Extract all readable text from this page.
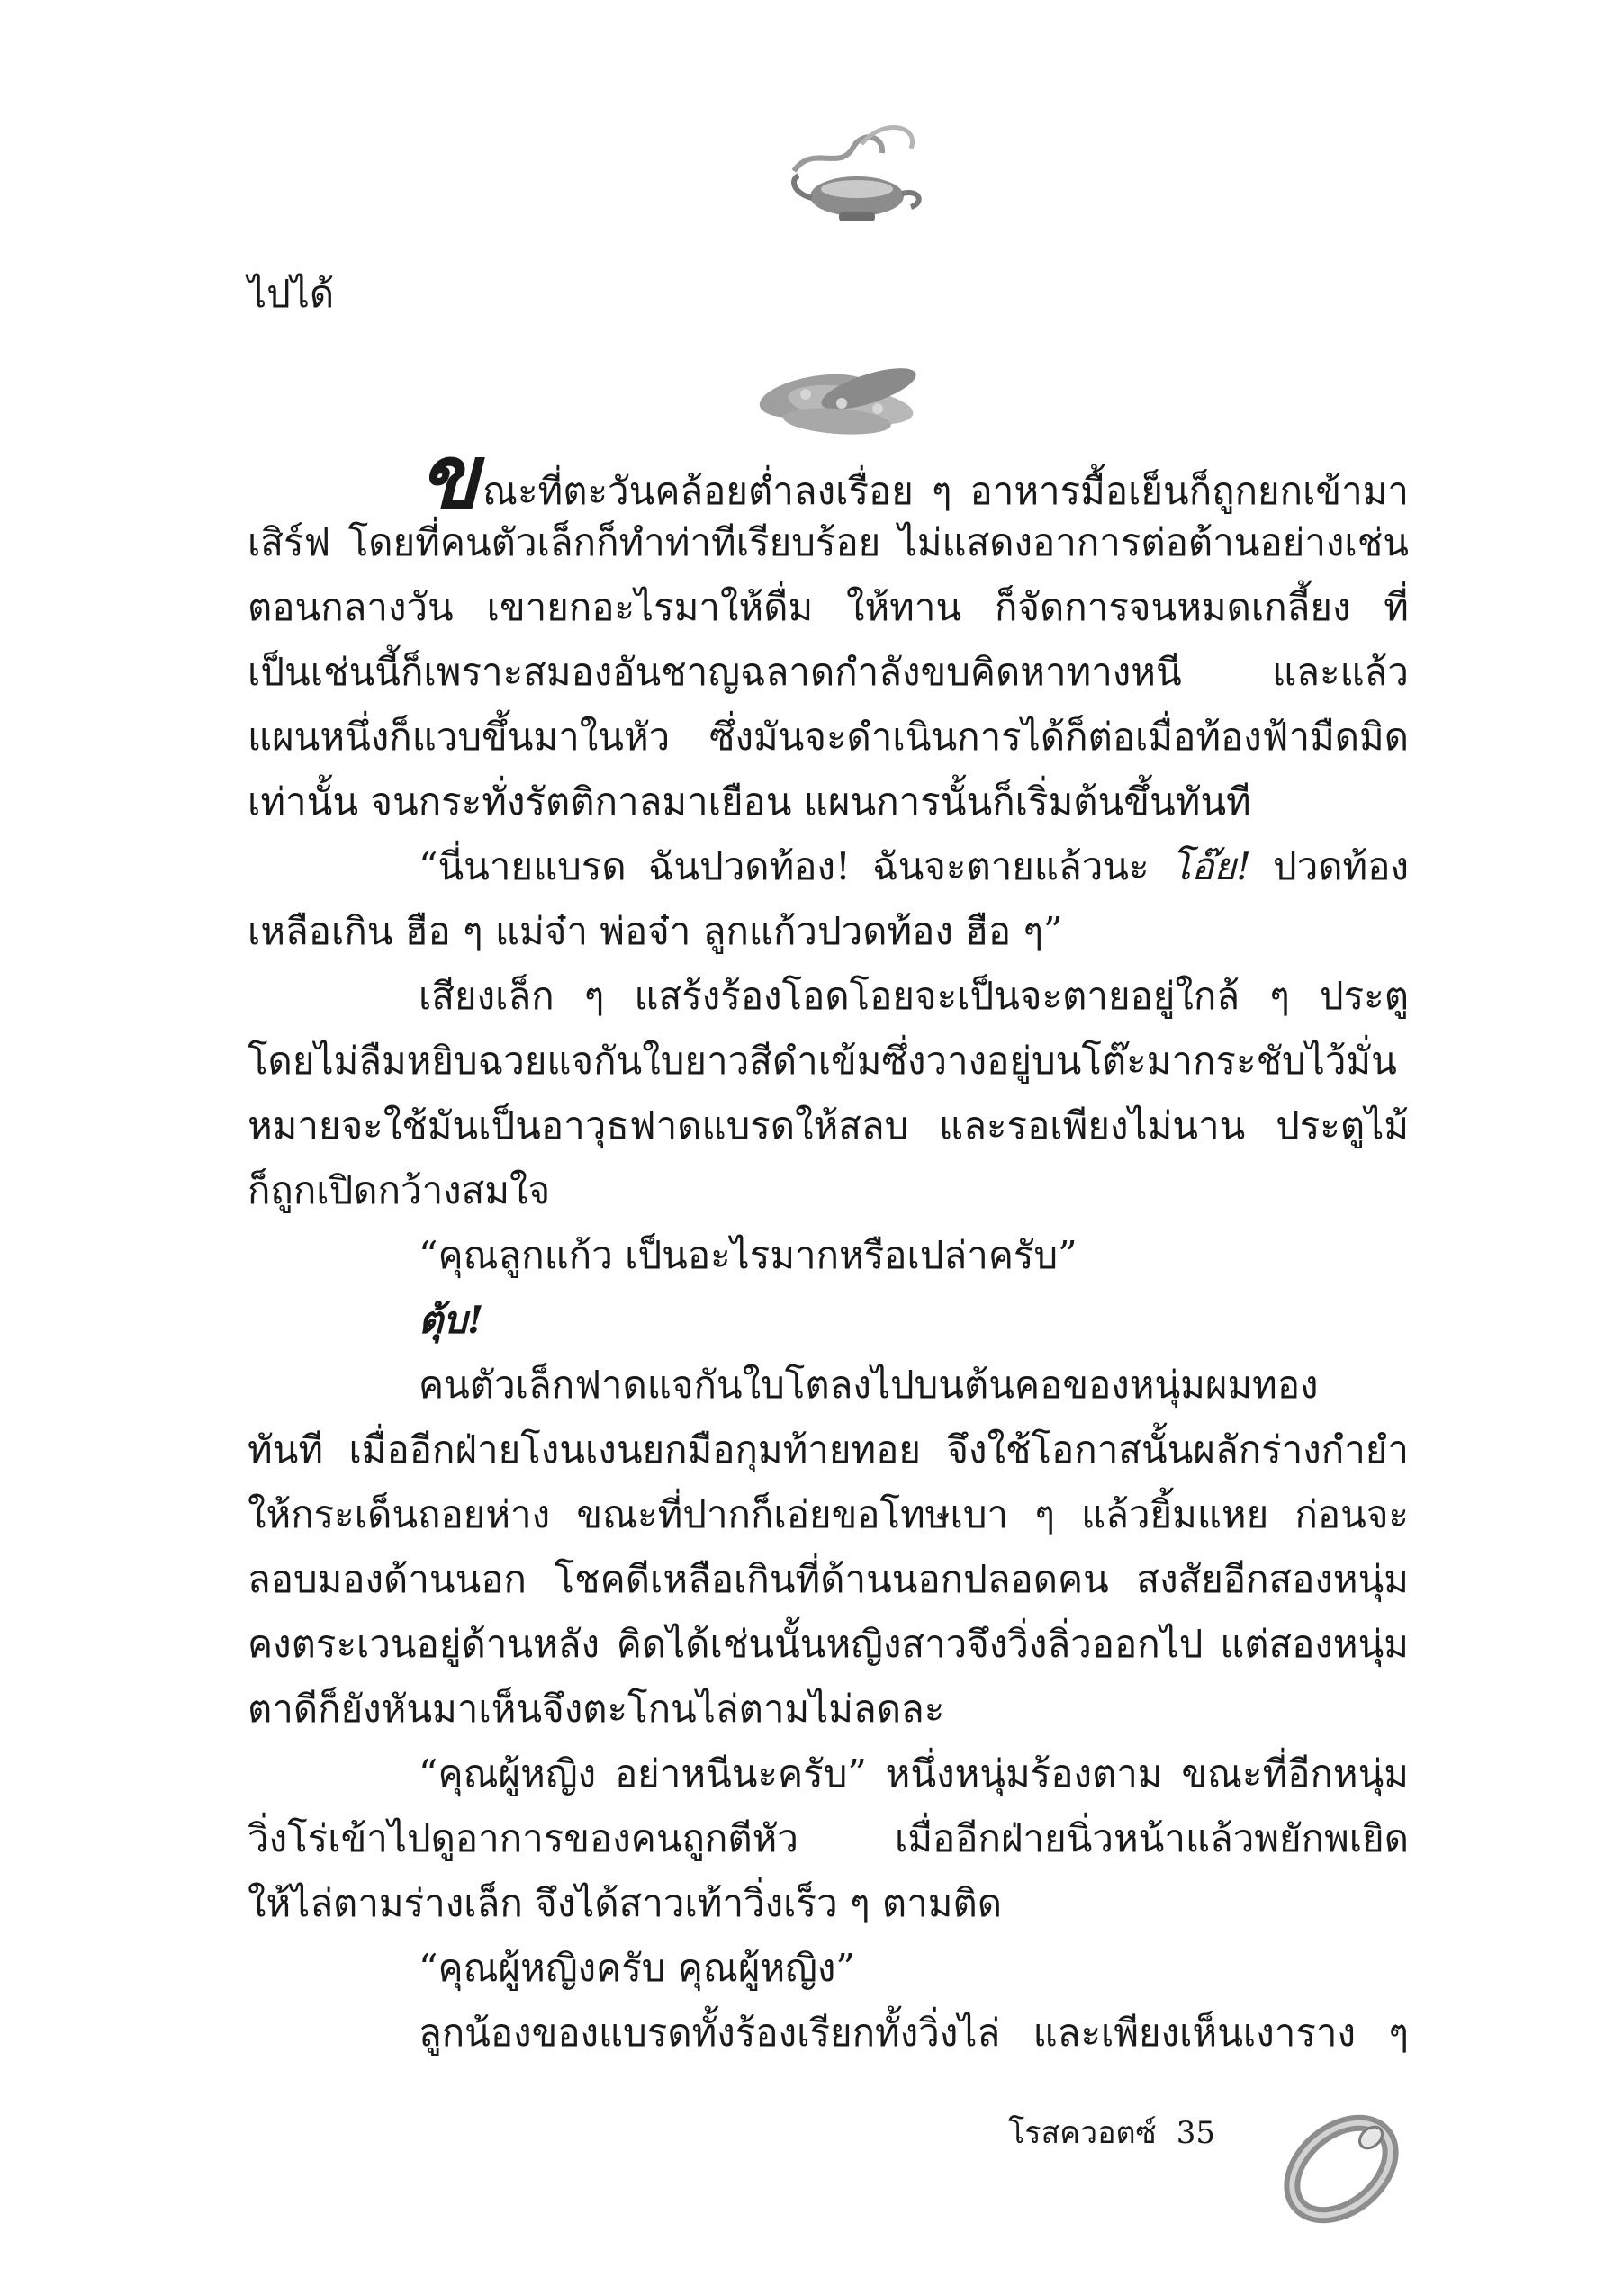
ไปได้
ขณะที่ตะวันคล้อยต่ำลงเรื่อย ๆ อาหารมื้อเย็นก็ถูกยกเข้ามา
เสิร์ฟ โดยที่คนตัวเล็กก็ทำท่าทีเรียบร้อย ไม่แสดงอาการต่อต้านอย่างเช่น
ตอนกลางวัน เขายกอะไรมาให้ดื่ม ให้ทาน ก็จัดการจนหมดเกลี้ยง ที่
เป็นเช่นนี้ก็เพราะสมองอันชาญฉลาดกำลังขบคิดหาทางหนี และแล้ว
แผนหนึ่งก็แวบขึ้นมาในหัว ซึ่งมันจะดำเนินการได้ก็ต่อเมื่อท้องฟ้ามืดมิด
เท่านั้น จนกระทั่งรัตติกาลมาเยือน แผนการนั้นก็เริ่มต้นขึ้นทันที
“นี่นายแบรด ฉันปวดท้อง! ฉันจะตายแล้วนะ โอ๊ย! ปวดท้อง
เหลือเกิน ฮือ ๆ แม่จ๋า พ่อจ๋า ลูกแก้วปวดท้อง ฮือ ๆ”
เสียงเล็ก ๆ แสร้งร้องโอดโอยจะเป็นจะตายอยู่ใกล้ ๆ ประตู
โดยไม่ลืมหยิบฉวยแจกันใบยาวสีดำเข้มซึ่งวางอยู่บนโต๊ะมากระชับไว้มั่น
หมายจะใช้มันเป็นอาวุธฟาดแบรดให้สลบ และรอเพียงไม่นาน ประตูไม้
ก็ถูกเปิดกว้างสมใจ
“คุณลูกแก้ว เป็นอะไรมากหรือเปล่าครับ”
ตุ้บ!
คนตัวเล็กฟาดแจกันใบโตลงไปบนต้นคอของหนุ่มผมทอง
ทันที เมื่ออีกฝ่ายโงนเงนยกมือกุมท้ายทอย จึงใช้โอกาสนั้นผลักร่างกำยำ
ให้กระเด็นถอยห่าง ขณะที่ปากก็เอ่ยขอโทษเบา ๆ แล้วยิ้มแหย ก่อนจะ
ลอบมองด้านนอก โชคดีเหลือเกินที่ด้านนอกปลอดคน สงสัยอีกสองหนุ่ม
คงตระเวนอยู่ด้านหลัง คิดได้เช่นนั้นหญิงสาวจึงวิ่งลิ่วออกไป แต่สองหนุ่ม
ตาดีก็ยังหันมาเห็นจึงตะโกนไล่ตามไม่ลดละ
“คุณผู้หญิง อย่าหนีนะครับ” หนึ่งหนุ่มร้องตาม ขณะที่อีกหนุ่ม
วิ่งโร่เข้าไปดูอาการของคนถูกตีหัว เมื่ออีกฝ่ายนิ่วหน้าแล้วพยักพเยิด
ให้ไล่ตามร่างเล็ก จึงได้สาวเท้าวิ่งเร็ว ๆ ตามติด
“คุณผู้หญิงครับ คุณผู้หญิง”
ลูกน้องของแบรดทั้งร้องเรียกทั้งวิ่งไล่ และเพียงเห็นเงาราง ๆ
โรสควอตซ์ 35
